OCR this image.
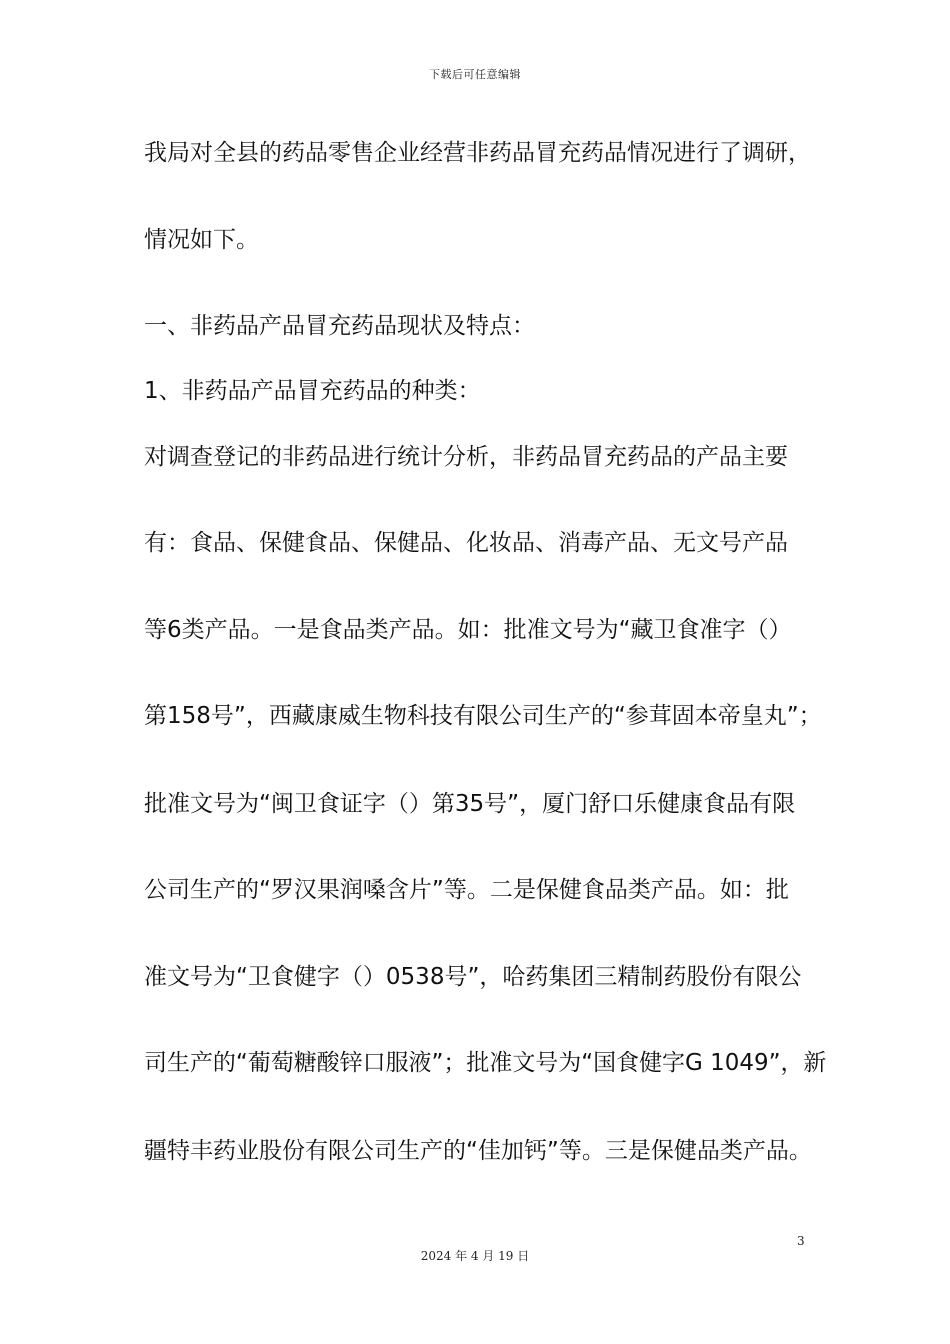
下载后可任意编辑
我局对全县的药品零售企业经营非药品冒充药品情况进行了调研，
情况如下。
一、非药品产品冒充药品现状及特点：
1、非药品产品冒充药品的种类：
对调查登记的非药品进行统计分析，非药品冒充药品的产品主要
有：食品、保健食品、保健品、化妆品、消毒产品、无文号产品
等6类产品。一是食品类产品。如：批准文号为“藏卫食准字（）
第158号”，西藏康威生物科技有限公司生产的“参茸固本帝皇丸”；
批准文号为“闽卫食证字（）第35号”，厦门舒口乐健康食品有限
公司生产的“罗汉果润嗓含片”等。二是保健食品类产品。如：批
准文号为“卫食健字（）0538号”，哈药集团三精制药股份有限公
司生产的“葡萄糖酸锌口服液”；批准文号为“国食健字G 1049”，新
疆特丰药业股份有限公司生产的“佳加钙”等。三是保健品类产品。
3
2024 年 4 月 19 日
